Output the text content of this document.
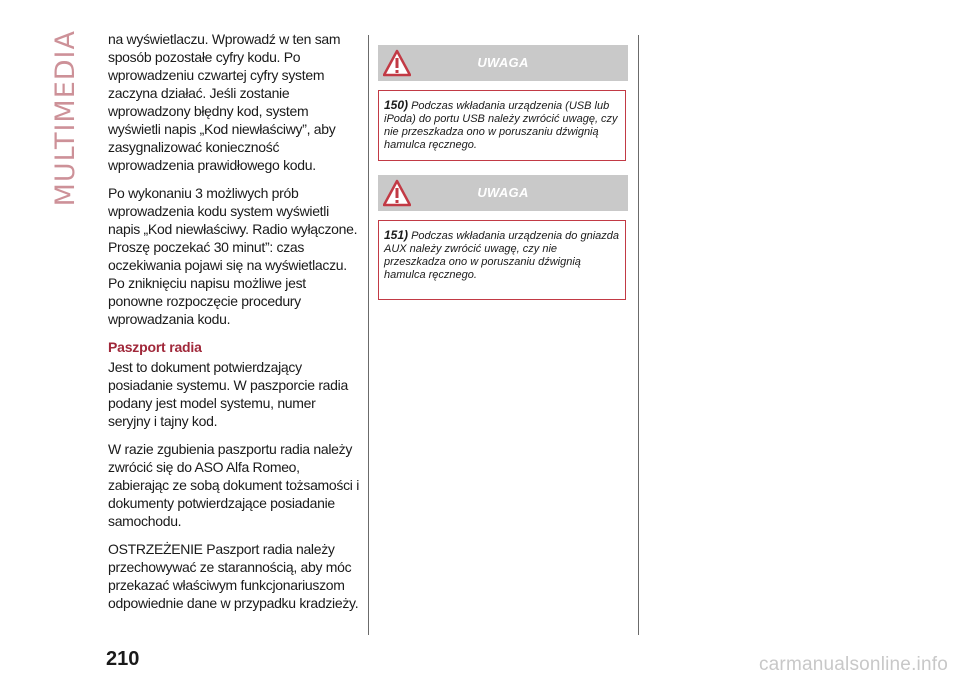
MULTIMEDIA na wyświetlaczu. Wprowadź w ten sam sposób pozostałe cyfry kodu. Po wprowadzeniu czwartej cyfry system zaczyna działać. Jeśli zostanie wprowadzony błędny kod, system wyświetli napis „Kod niewłaściwy”, aby zasygnalizować konieczność wprowadzenia prawidłowego kodu.

Po wykonaniu 3 możliwych prób wprowadzenia kodu system wyświetli napis „Kod niewłaściwy. Radio wyłączone. Proszę poczekać 30 minut”: czas oczekiwania pojawi się na wyświetlaczu. Po zniknięciu napisu możliwe jest ponowne rozpoczęcie procedury wprowadzania kodu.

Paszport radia

Jest to dokument potwierdzający posiadanie systemu. W paszporcie radia podany jest model systemu, numer seryjny i tajny kod.

W razie zgubienia paszportu radia należy zwrócić się do ASO Alfa Romeo, zabierając ze sobą dokument tożsamości i dokumenty potwierdzające posiadanie samochodu.

OSTRZEŻENIE Paszport radia należy przechowywać ze starannością, aby móc przekazać właściwym funkcjonariuszom odpowiednie dane w przypadku kradzieży.

UWAGA
150) Podczas wkładania urządzenia (USB lub iPoda) do portu USB należy zwrócić uwagę, czy nie przeszkadza ono w poruszaniu dźwignią hamulca ręcznego.
UWAGA
151) Podczas wkładania urządzenia do gniazda AUX należy zwrócić uwagę, czy nie przeszkadza ono w poruszaniu dźwignią hamulca ręcznego.
210	carmanualsonline.info
